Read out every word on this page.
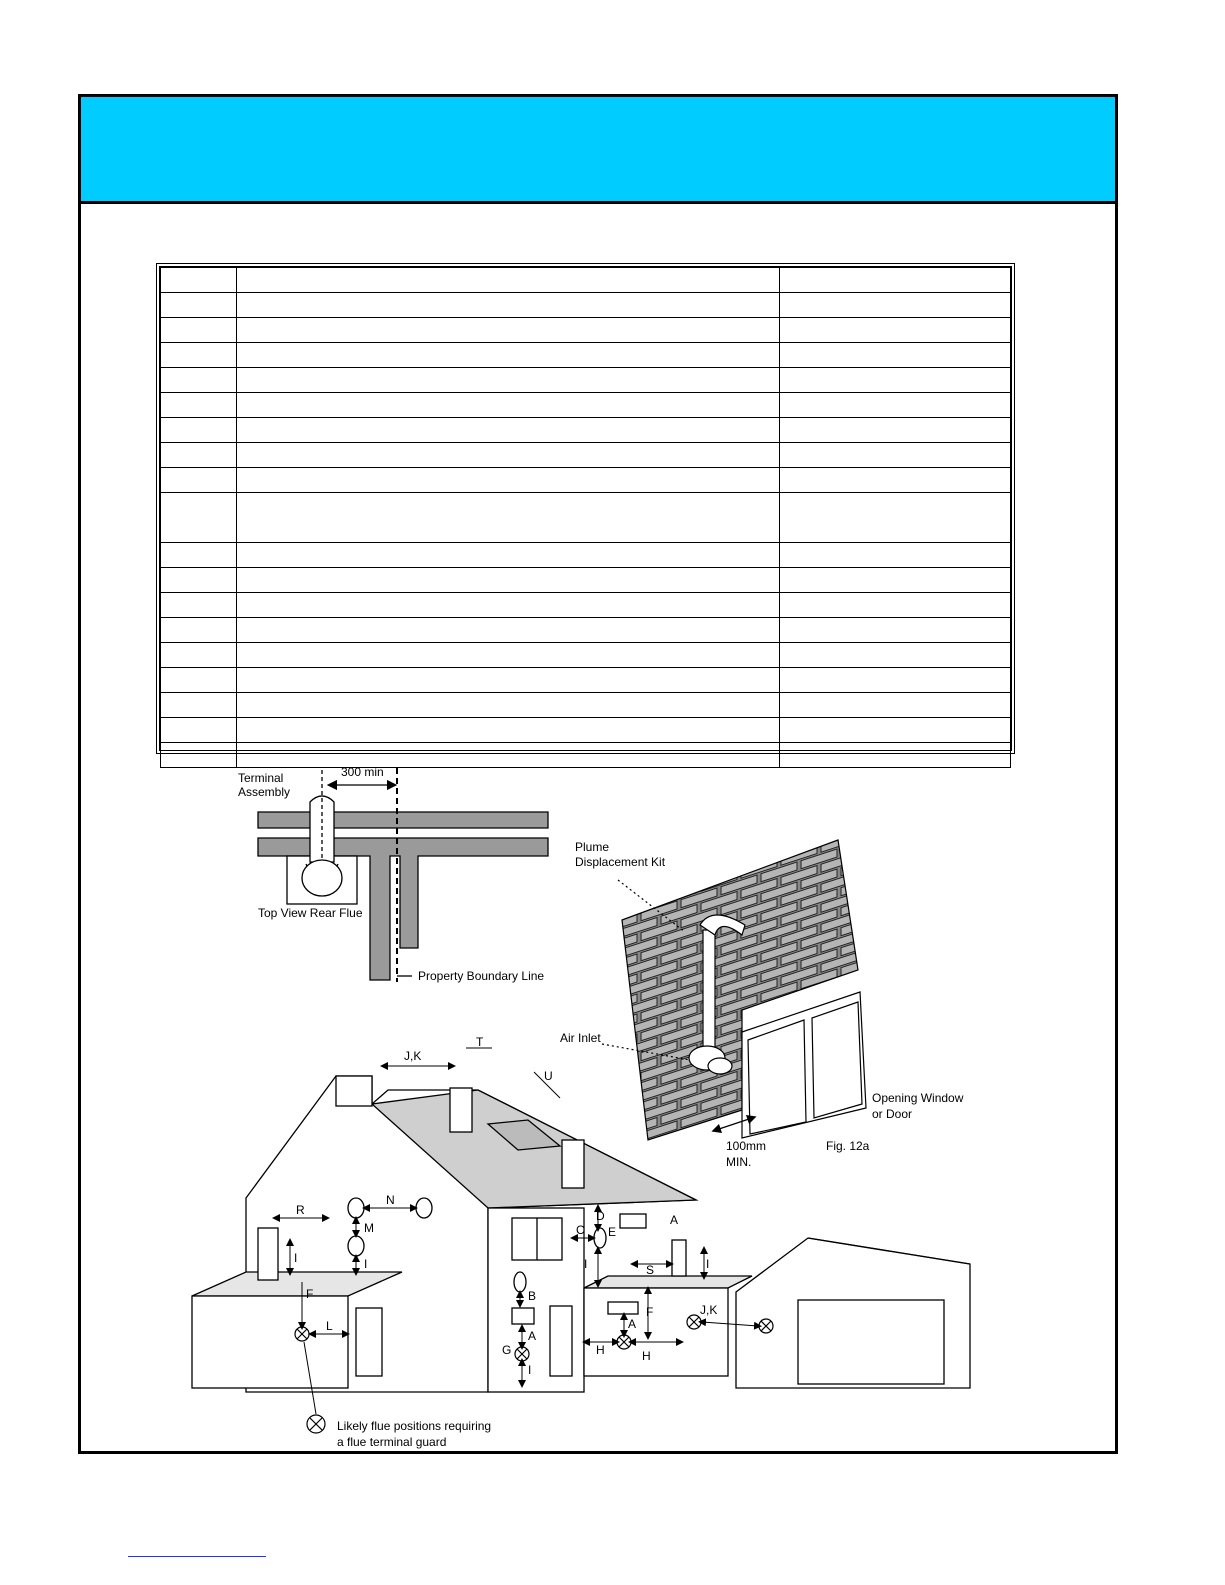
Terminal
Assembly
300 min
Top View Rear Flue
Property Boundary Line
Plume
Displacement Kit
Air Inlet
Opening Window
or Door
100mm
MIN.
Fig. 12a
Likely flue positions requiring
a flue terminal guard
J,K
T
U
R
N
M
I
I
F
L
D	A
C E
I	S	I
B
A
G
I
F
A
H	H
J,K
